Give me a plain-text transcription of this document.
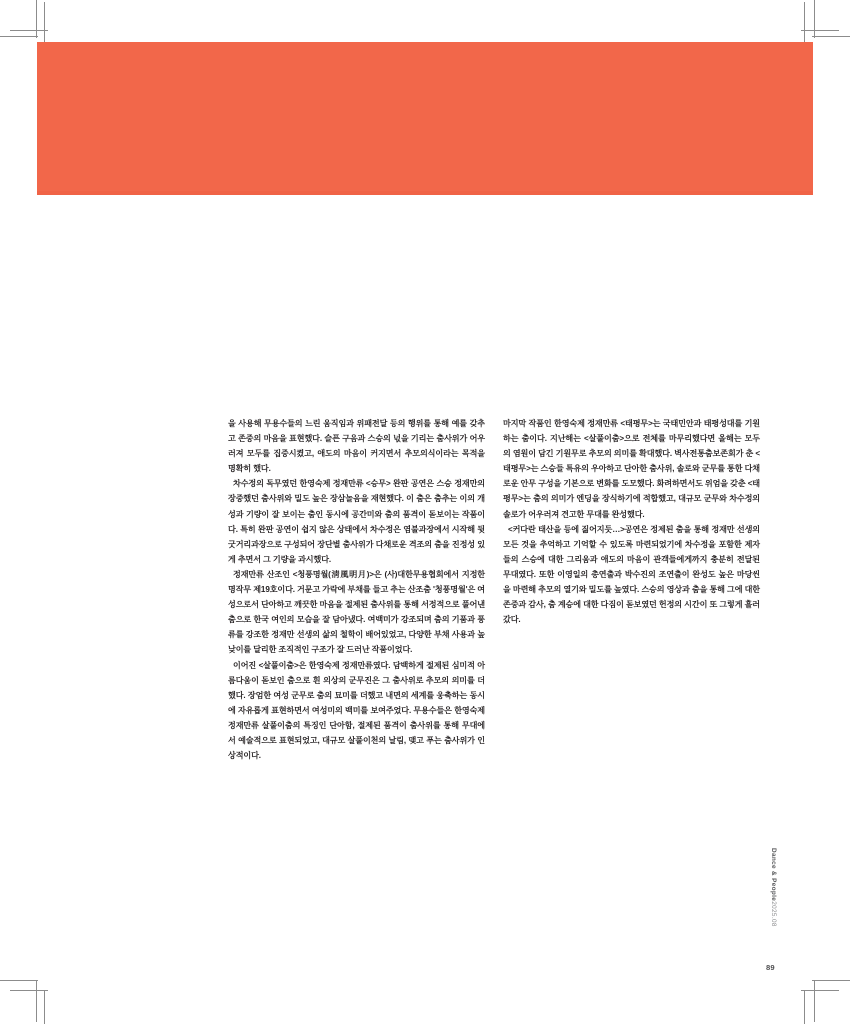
을 사용해 무용수들의 느린 움직임과 위패전달 등의 행위를 통해 예를 갖추고 존중의 마음을 표현했다. 슬픈 구음과 스승의 넋을 기리는 춤사위가 어우러져 모두를 집중시켰고, 애도의 마음이 커지면서 추모의식이라는 목적을 명확히 했다.

차수정의 독무였던 한영숙제 정재만류 <승무> 완판 공연은 스승 정재만의 장중했던 춤사위와 밀도 높은 장삼놀음을 재현했다. 이 춤은 춤추는 이의 개성과 기량이 잘 보이는 춤인 동시에 공간미와 춤의 품격이 돋보이는 작품이다. 특히 완판 공연이 쉽지 않은 상태에서 차수정은 염불과장에서 시작해 뒷굿거리과장으로 구성되어 장단별 춤사위가 다채로운 격조의 춤을 진정성 있게 추면서 그 기량을 과시했다.

정재만류 산조인 <청풍명월(淸風明月)>은 (사)대한무용협회에서 지정한 명작무 제19호이다. 거문고 가락에 부채를 들고 추는 산조춤 '청풍명월'은 여성으로서 단아하고 깨끗한 마음을 절제된 춤사위를 통해 서정적으로 풀어낸 춤으로 한국 여인의 모습을 잘 담아냈다. 여백미가 강조되며 춤의 기품과 풍류를 강조한 정재만 선생의 삶의 철학이 배어있었고, 다양한 부채 사용과 높낮이를 달리한 조직적인 구조가 잘 드러난 작품이었다.

이어진 <살풀이춤>은 한영숙제 정재만류였다. 담백하게 절제된 심미적 아름다움이 돋보인 춤으로 흰 의상의 군무진은 그 춤사위로 추모의 의미를 더했다. 장엄한 여성 군무로 춤의 묘미를 더했고 내면의 세계를 웅축하는 동시에 자유롭게 표현하면서 여성미의 백미를 보여주었다. 무용수들은 한영숙제 정재만류 살풀이춤의 특징인 단아함, 절제된 품격이 춤사위를 통해 무대에서 예술적으로 표현되었고, 대규모 살풀이천의 날림, 맺고 푸는 춤사위가 인상적이다.

마지막 작품인 한영숙제 정재만류 <태평무>는 국태민안과 태평성대를 기원하는 춤이다. 지난해는 <살풀이춤>으로 전체를 마무리했다면 올해는 모두의 염원이 담긴 기원무로 추모의 의미를 확대했다. 벽사전통춤보존회가 춘 <태평무>는 스승들 특유의 우아하고 단아한 춤사위, 솔로와 군무를 통한 다채로운 안무 구성을 기본으로 변화를 도모했다. 화려하면서도 위엄을 갖춘 <태평무>는 춤의 의미가 엔딩을 장식하기에 적합했고, 대규모 군무와 차수정의 솔로가 어우러져 견고한 무대를 완성했다.

<커다란 태산을 등에 짊어지듯…>공연은 정제된 춤을 통해 정재만 선생의 모든 것을 추억하고 기억할 수 있도록 마련되었기에 차수정을 포함한 제자들의 스승에 대한 그리움과 애도의 마음이 관객들에게까지 충분히 전달된 무대였다. 또한 이영일의 총연출과 박수진의 조연출이 완성도 높은 마당씬을 마련해 추모의 열기와 밀도를 높였다. 스승의 영상과 춤을 통해 그에 대한 존중과 감사, 춤 계승에 대한 다짐이 돋보였던 헌정의 시간이 또 그렇게 흘러갔다.

Dance & People2025.08
89
